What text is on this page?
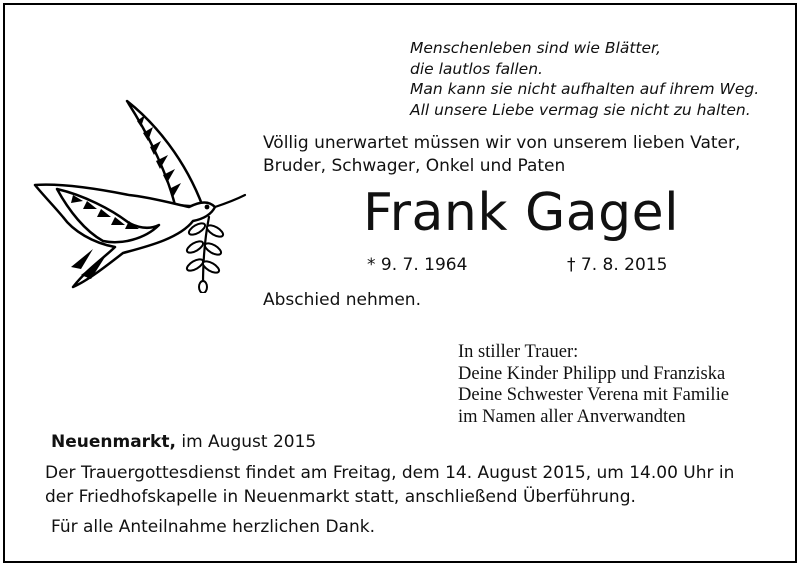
Menschenleben sind wie Blätter,
die lautlos fallen.
Man kann sie nicht aufhalten auf ihrem Weg.
All unsere Liebe vermag sie nicht zu halten.
Völlig unerwartet müssen wir von unserem lieben Vater,
Bruder, Schwager, Onkel und Paten
Frank Gagel
* 9. 7. 1964	† 7. 8. 2015
Abschied nehmen.
In stiller Trauer:
Deine Kinder Philipp und Franziska
Deine Schwester Verena mit Familie
im Namen aller Anverwandten
Neuenmarkt, im August 2015
Der Trauergottesdienst findet am Freitag, dem 14. August 2015, um 14.00 Uhr in
der Friedhofskapelle in Neuenmarkt statt, anschließend Überführung.
Für alle Anteilnahme herzlichen Dank.
